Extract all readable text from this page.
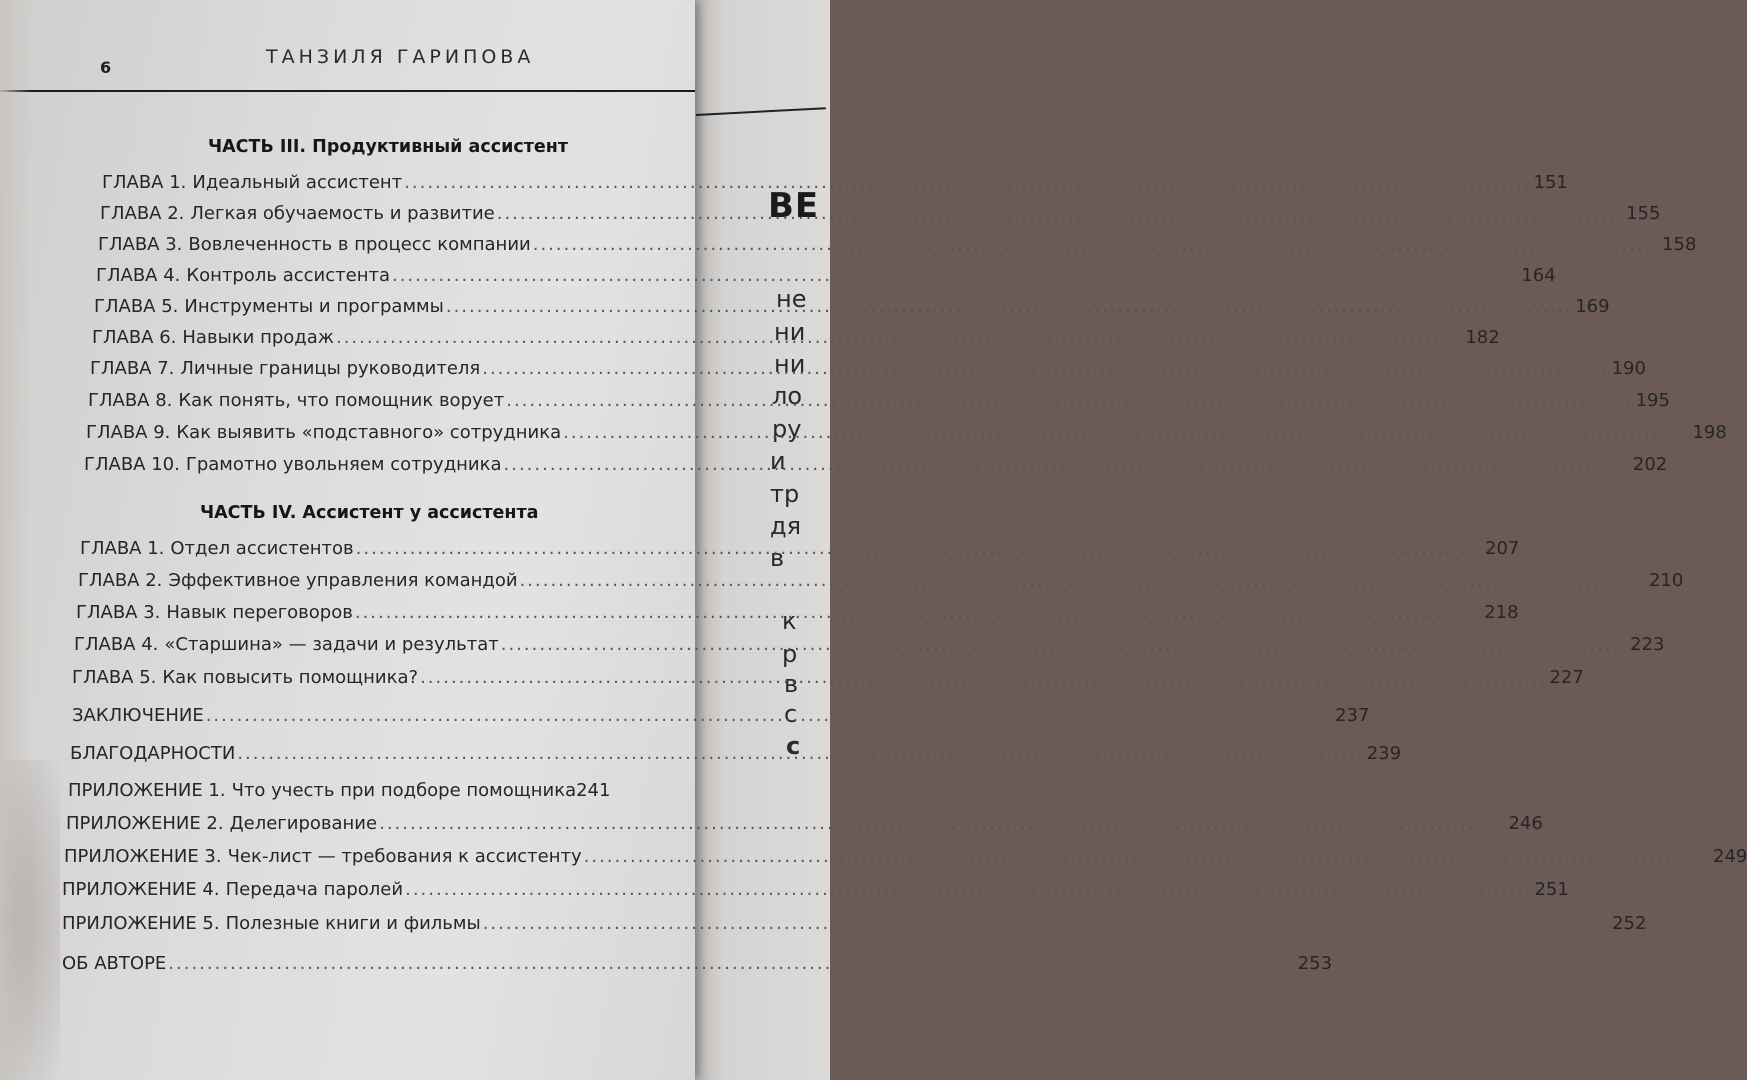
ВЕ
не
ни
ни
ло
ру
и
тр
дя
в
к
р
в
с
с
6	ТАНЗИЛЯ ГАРИПОВА
ЧАСТЬ III. Продуктивный ассистент
ГЛАВА 1. Идеальный ассистент .....	151
ГЛАВА 2. Легкая обучаемость и развитие .....	155
ГЛАВА 3. Вовлеченность в процесс компании .....	158
ГЛАВА 4. Контроль ассистента .....	164
ГЛАВА 5. Инструменты и программы .....	169
ГЛАВА 6. Навыки продаж .....	182
ГЛАВА 7. Личные границы руководителя .....	190
ГЛАВА 8. Как понять, что помощник ворует .....	195
ГЛАВА 9. Как выявить «подставного» сотрудника .....	198
ГЛАВА 10. Грамотно увольняем сотрудника .....	202
ЧАСТЬ IV. Ассистент у ассистента
ГЛАВА 1. Отдел ассистентов .....	207
ГЛАВА 2. Эффективное управления командой .....	210
ГЛАВА 3. Навык переговоров .....	218
ГЛАВА 4. «Старшина» — задачи и результат .....	223
ГЛАВА 5. Как повысить помощника? .....	227
ЗАКЛЮЧЕНИЕ .....	237
БЛАГОДАРНОСТИ .....	239
ПРИЛОЖЕНИЕ 1. Что учесть при подборе помощника 241
ПРИЛОЖЕНИЕ 2. Делегирование .....	246
ПРИЛОЖЕНИЕ 3. Чек-лист — требования к ассистенту .....	249
ПРИЛОЖЕНИЕ 4. Передача паролей .....	251
ПРИЛОЖЕНИЕ 5. Полезные книги и фильмы .....	252
ОБ АВТОРЕ .....	253
